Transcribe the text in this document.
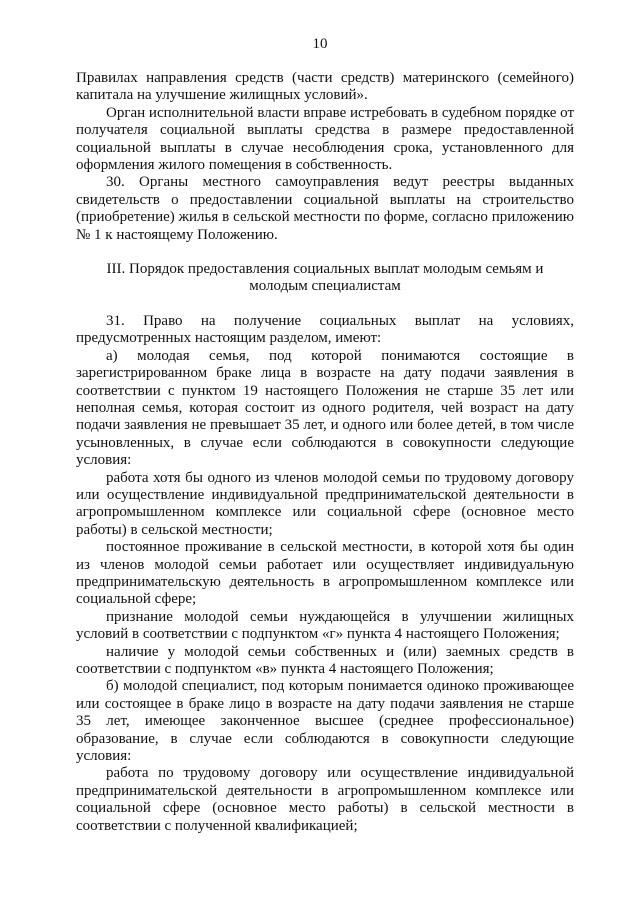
10

Правилах направления средств (части средств) материнского (семейного) капитала на улучшение жилищных условий».

Орган исполнительной власти вправе истребовать в судебном порядке от получателя социальной выплаты средства в размере предоставленной социальной выплаты в случае несоблюдения срока, установленного для оформления жилого помещения в собственность.

30. Органы местного самоуправления ведут реестры выданных свидетельств о предоставлении социальной выплаты на строительство (приобретение) жилья в сельской местности по форме, согласно приложению № 1 к настоящему Положению.

III. Порядок предоставления социальных выплат молодым семьям и молодым специалистам

31. Право на получение социальных выплат на условиях, предусмотренных настоящим разделом, имеют:

а) молодая семья, под которой понимаются состоящие в зарегистрированном браке лица в возрасте на дату подачи заявления в соответствии с пунктом 19 настоящего Положения не старше 35 лет или неполная семья, которая состоит из одного родителя, чей возраст на дату подачи заявления не превышает 35 лет, и одного или более детей, в том числе усыновленных, в случае если соблюдаются в совокупности следующие условия:

работа хотя бы одного из членов молодой семьи по трудовому договору или осуществление индивидуальной предпринимательской деятельности в агропромышленном комплексе или социальной сфере (основное место работы) в сельской местности;

постоянное проживание в сельской местности, в которой хотя бы один из членов молодой семьи работает или осуществляет индивидуальную предпринимательскую деятельность в агропромышленном комплексе или социальной сфере;

признание молодой семьи нуждающейся в улучшении жилищных условий в соответствии с подпунктом «г» пункта 4 настоящего Положения;

наличие у молодой семьи собственных и (или) заемных средств в соответствии с подпунктом «в» пункта 4 настоящего Положения;

б) молодой специалист, под которым понимается одиноко проживающее или состоящее в браке лицо в возрасте на дату подачи заявления не старше 35 лет, имеющее законченное высшее (среднее профессиональное) образование, в случае если соблюдаются в совокупности следующие условия:

работа по трудовому договору или осуществление индивидуальной предпринимательской деятельности в агропромышленном комплексе или социальной сфере (основное место работы) в сельской местности в соответствии с полученной квалификацией;
